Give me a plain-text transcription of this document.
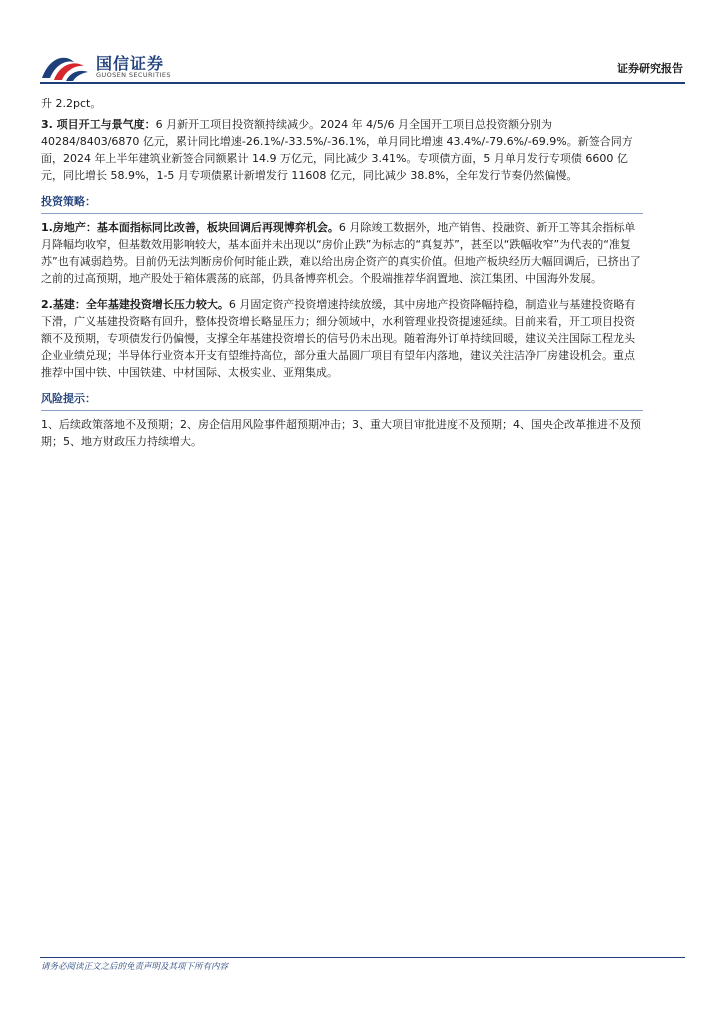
国信证券
GUOSEN SECURITIES	证券研究报告

升 2.2pct。

3. 项目开工与景气度：6 月新开工项目投资额持续减少。2024 年 4/5/6 月全国开工项目总投资额分别为 40284/8403/6870 亿元，累计同比增速-26.1%/-33.5%/-36.1%，单月同比增速 43.4%/-79.6%/-69.9%。新签合同方面，2024 年上半年建筑业新签合同额累计 14.9 万亿元，同比减少 3.41%。专项债方面，5 月单月发行专项债 6600 亿元，同比增长 58.9%，1-5 月专项债累计新增发行 11608 亿元，同比减少 38.8%，全年发行节奏仍然偏慢。

投资策略：

1.房地产：基本面指标同比改善，板块回调后再现博弈机会。6 月除竣工数据外，地产销售、投融资、新开工等其余指标单月降幅均收窄，但基数效用影响较大，基本面并未出现以“房价止跌”为标志的“真复苏”，甚至以“跌幅收窄”为代表的“准复苏”也有减弱趋势。目前仍无法判断房价何时能止跌，难以给出房企资产的真实价值。但地产板块经历大幅回调后，已挤出了之前的过高预期，地产股处于箱体震荡的底部，仍具备博弈机会。个股端推荐华润置地、滨江集团、中国海外发展。

2.基建：全年基建投资增长压力较大。6 月固定资产投资增速持续放缓，其中房地产投资降幅持稳，制造业与基建投资略有下滑，广义基建投资略有回升，整体投资增长略显压力；细分领域中，水利管理业投资提速延续。目前来看，开工项目投资额不及预期，专项债发行仍偏慢，支撑全年基建投资增长的信号仍未出现。随着海外订单持续回暖，建议关注国际工程龙头企业业绩兑现；半导体行业资本开支有望维持高位，部分重大晶圆厂项目有望年内落地，建议关注洁净厂房建设机会。重点推荐中国中铁、中国铁建、中材国际、太极实业、亚翔集成。

风险提示：

1、后续政策落地不及预期；2、房企信用风险事件超预期冲击；3、重大项目审批进度不及预期；4、国央企改革推进不及预期；5、地方财政压力持续增大。

请务必阅读正文之后的免责声明及其项下所有内容
